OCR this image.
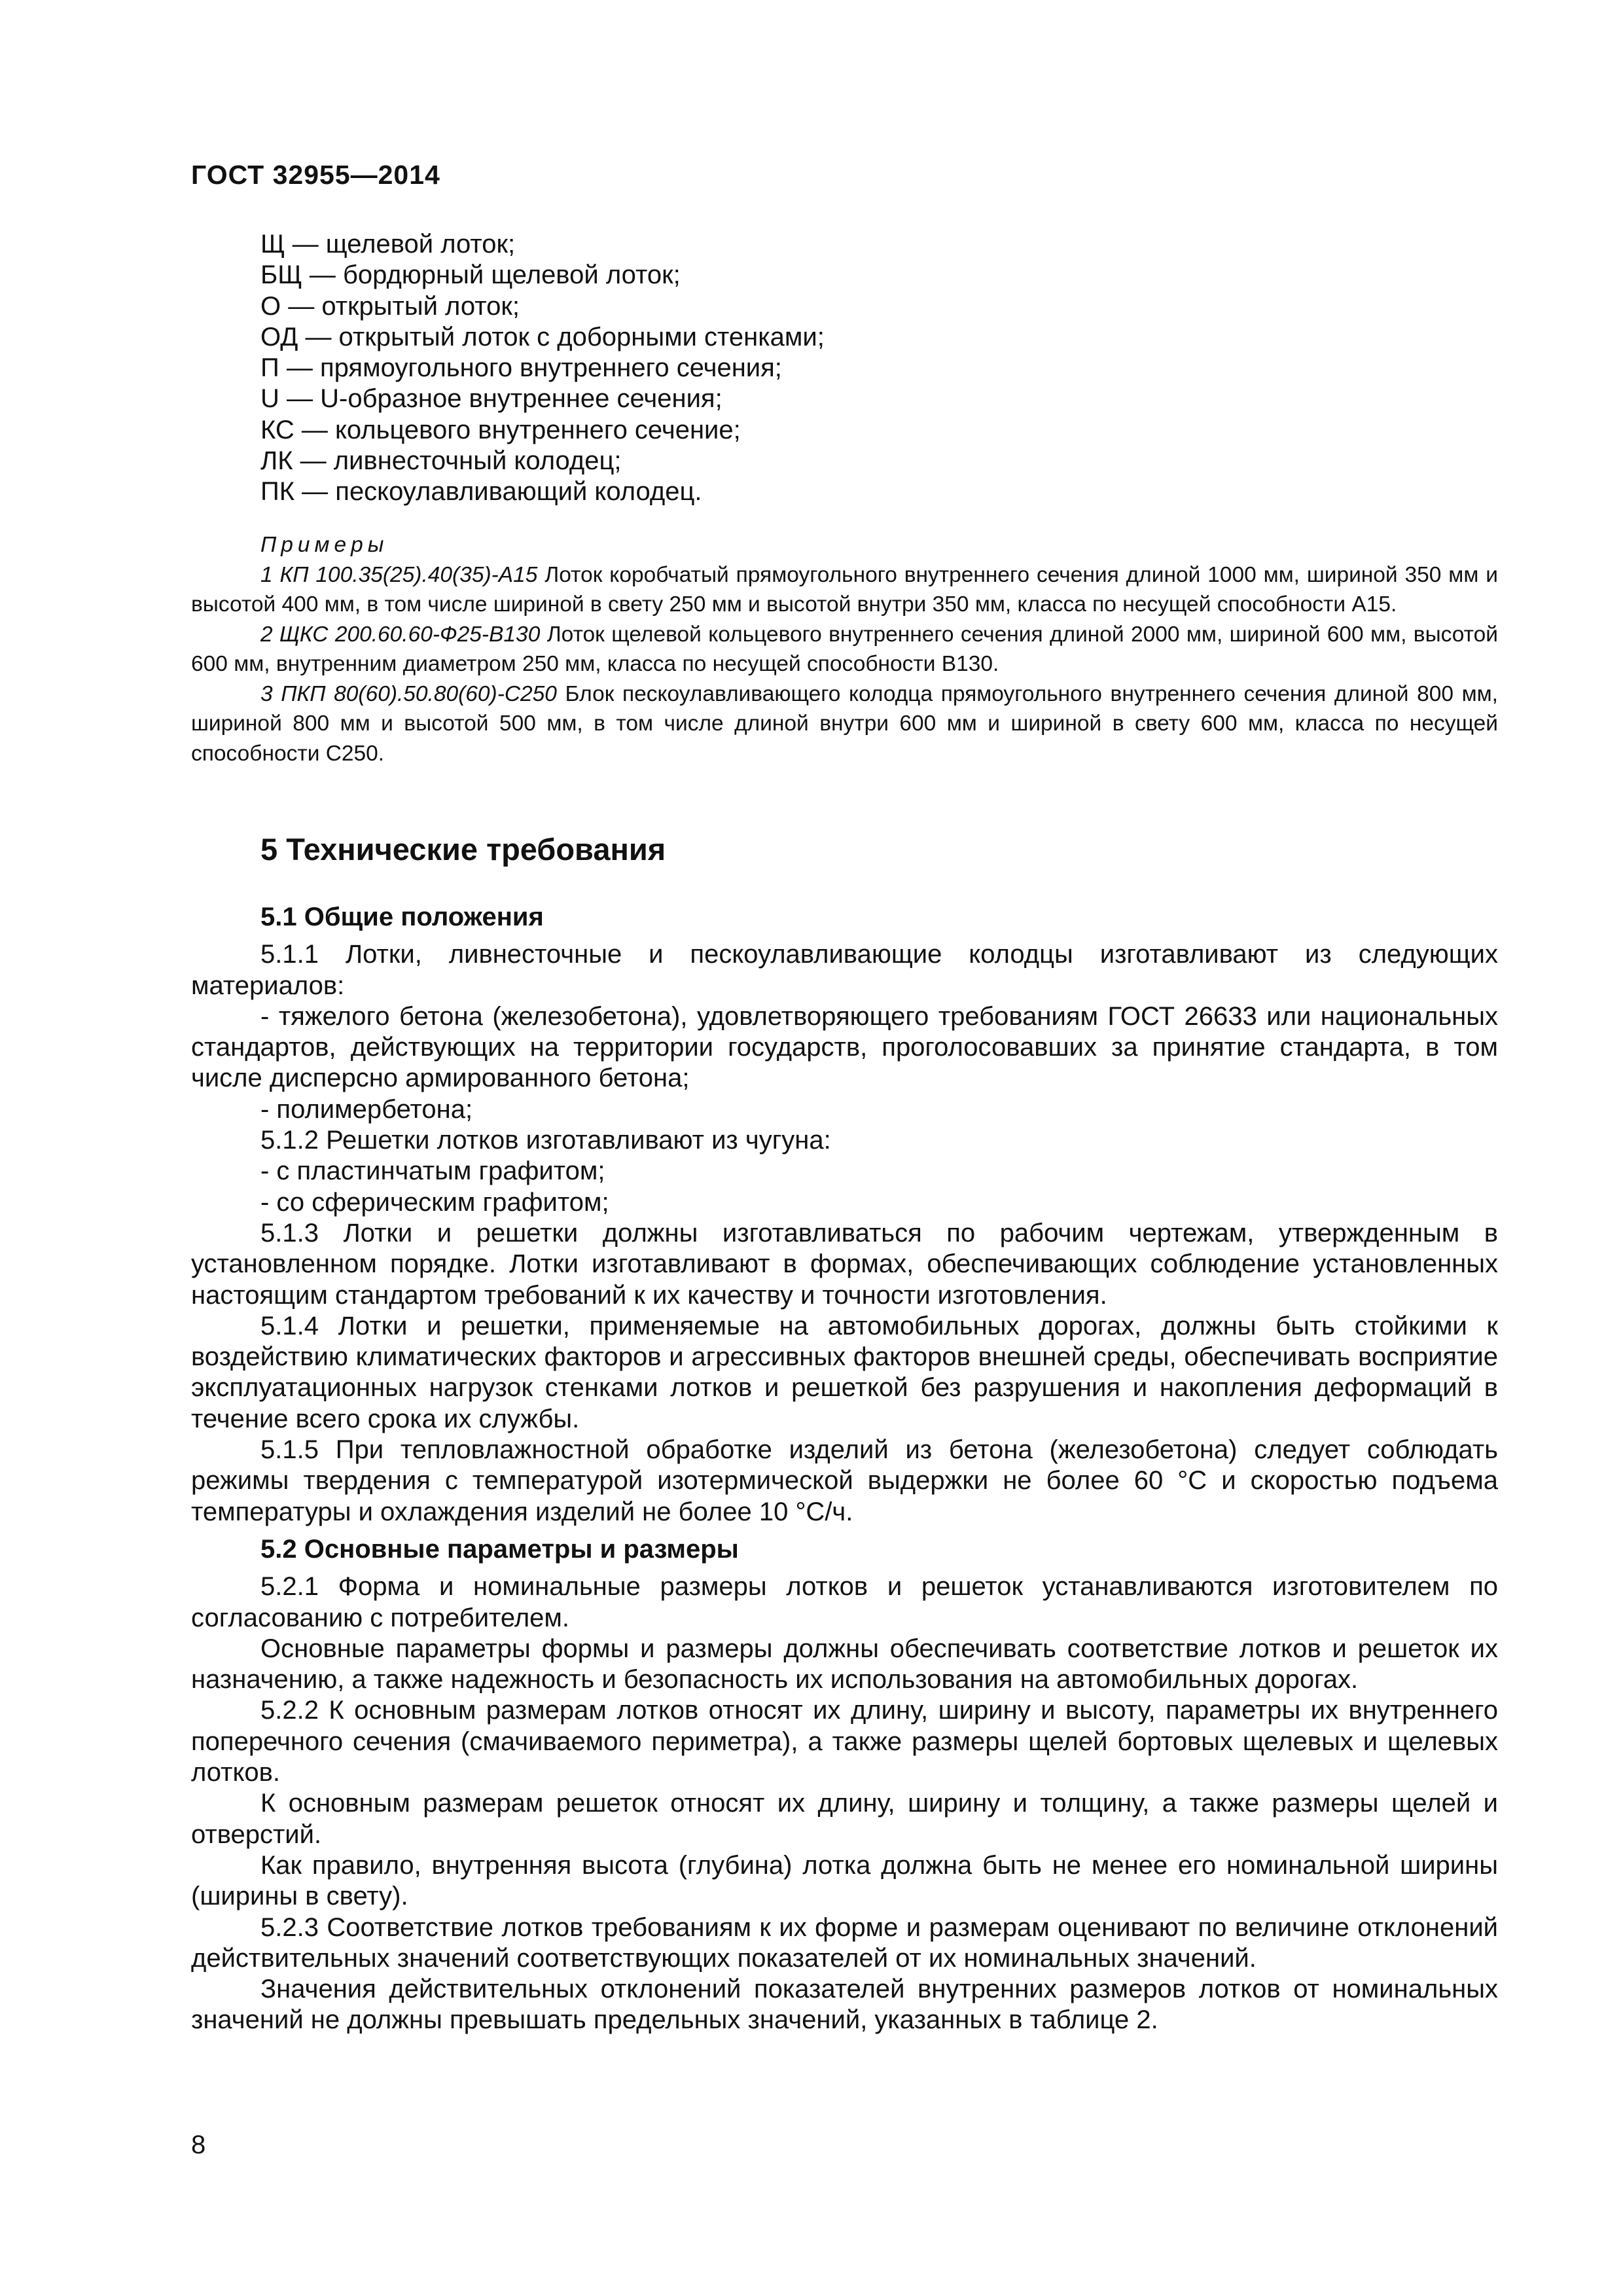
ГОСТ 32955—2014
Щ — щелевой лоток;
БЩ — бордюрный щелевой лоток;
О — открытый лоток;
ОД — открытый лоток с доборными стенками;
П — прямоугольного внутреннего сечения;
U — U-образное внутреннее сечения;
КС — кольцевого внутреннего сечение;
ЛК — ливнесточный колодец;
ПК — пескоулавливающий колодец.
Примеры

1 КП 100.35(25).40(35)-А15 Лоток коробчатый прямоугольного внутреннего сечения длиной 1000 мм, шириной 350 мм и высотой 400 мм, в том числе шириной в свету 250 мм и высотой внутри 350 мм, класса по несущей способности А15.

2 ЩКС 200.60.60-Ф25-В130 Лоток щелевой кольцевого внутреннего сечения длиной 2000 мм, шириной 600 мм, высотой 600 мм, внутренним диаметром 250 мм, класса по несущей способности В130.

3 ПКП 80(60).50.80(60)-С250 Блок пескоулавливающего колодца прямоугольного внутреннего сечения длиной 800 мм, шириной 800 мм и высотой 500 мм, в том числе длиной внутри 600 мм и шириной в свету 600 мм, класса по несущей способности С250.

5 Технические требования
5.1 Общие положения

5.1.1 Лотки, ливнесточные и пескоулавливающие колодцы изготавливают из следующих материалов:

- тяжелого бетона (железобетона), удовлетворяющего требованиям ГОСТ 26633 или национальных стандартов, действующих на территории государств, проголосовавших за принятие стандарта, в том числе дисперсно армированного бетона;

- полимербетона;

5.1.2 Решетки лотков изготавливают из чугуна:

- с пластинчатым графитом;

- со сферическим графитом;

5.1.3 Лотки и решетки должны изготавливаться по рабочим чертежам, утвержденным в установленном порядке. Лотки изготавливают в формах, обеспечивающих соблюдение установленных настоящим стандартом требований к их качеству и точности изготовления.

5.1.4 Лотки и решетки, применяемые на автомобильных дорогах, должны быть стойкими к воздействию климатических факторов и агрессивных факторов внешней среды, обеспечивать восприятие эксплуатационных нагрузок стенками лотков и решеткой без разрушения и накопления деформаций в течение всего срока их службы.

5.1.5 При тепловлажностной обработке изделий из бетона (железобетона) следует соблюдать режимы твердения с температурой изотермической выдержки не более 60 °С и скоростью подъема температуры и охлаждения изделий не более 10 °С/ч.

5.2 Основные параметры и размеры

5.2.1 Форма и номинальные размеры лотков и решеток устанавливаются изготовителем по согласованию с потребителем.

Основные параметры формы и размеры должны обеспечивать соответствие лотков и решеток их назначению, а также надежность и безопасность их использования на автомобильных дорогах.

5.2.2 К основным размерам лотков относят их длину, ширину и высоту, параметры их внутреннего поперечного сечения (смачиваемого периметра), а также размеры щелей бортовых щелевых и щелевых лотков.

К основным размерам решеток относят их длину, ширину и толщину, а также размеры щелей и отверстий.

Как правило, внутренняя высота (глубина) лотка должна быть не менее его номинальной ширины (ширины в свету).

5.2.3 Соответствие лотков требованиям к их форме и размерам оценивают по величине отклонений действительных значений соответствующих показателей от их номинальных значений.

Значения действительных отклонений показателей внутренних размеров лотков от номинальных значений не должны превышать предельных значений, указанных в таблице 2.

8
